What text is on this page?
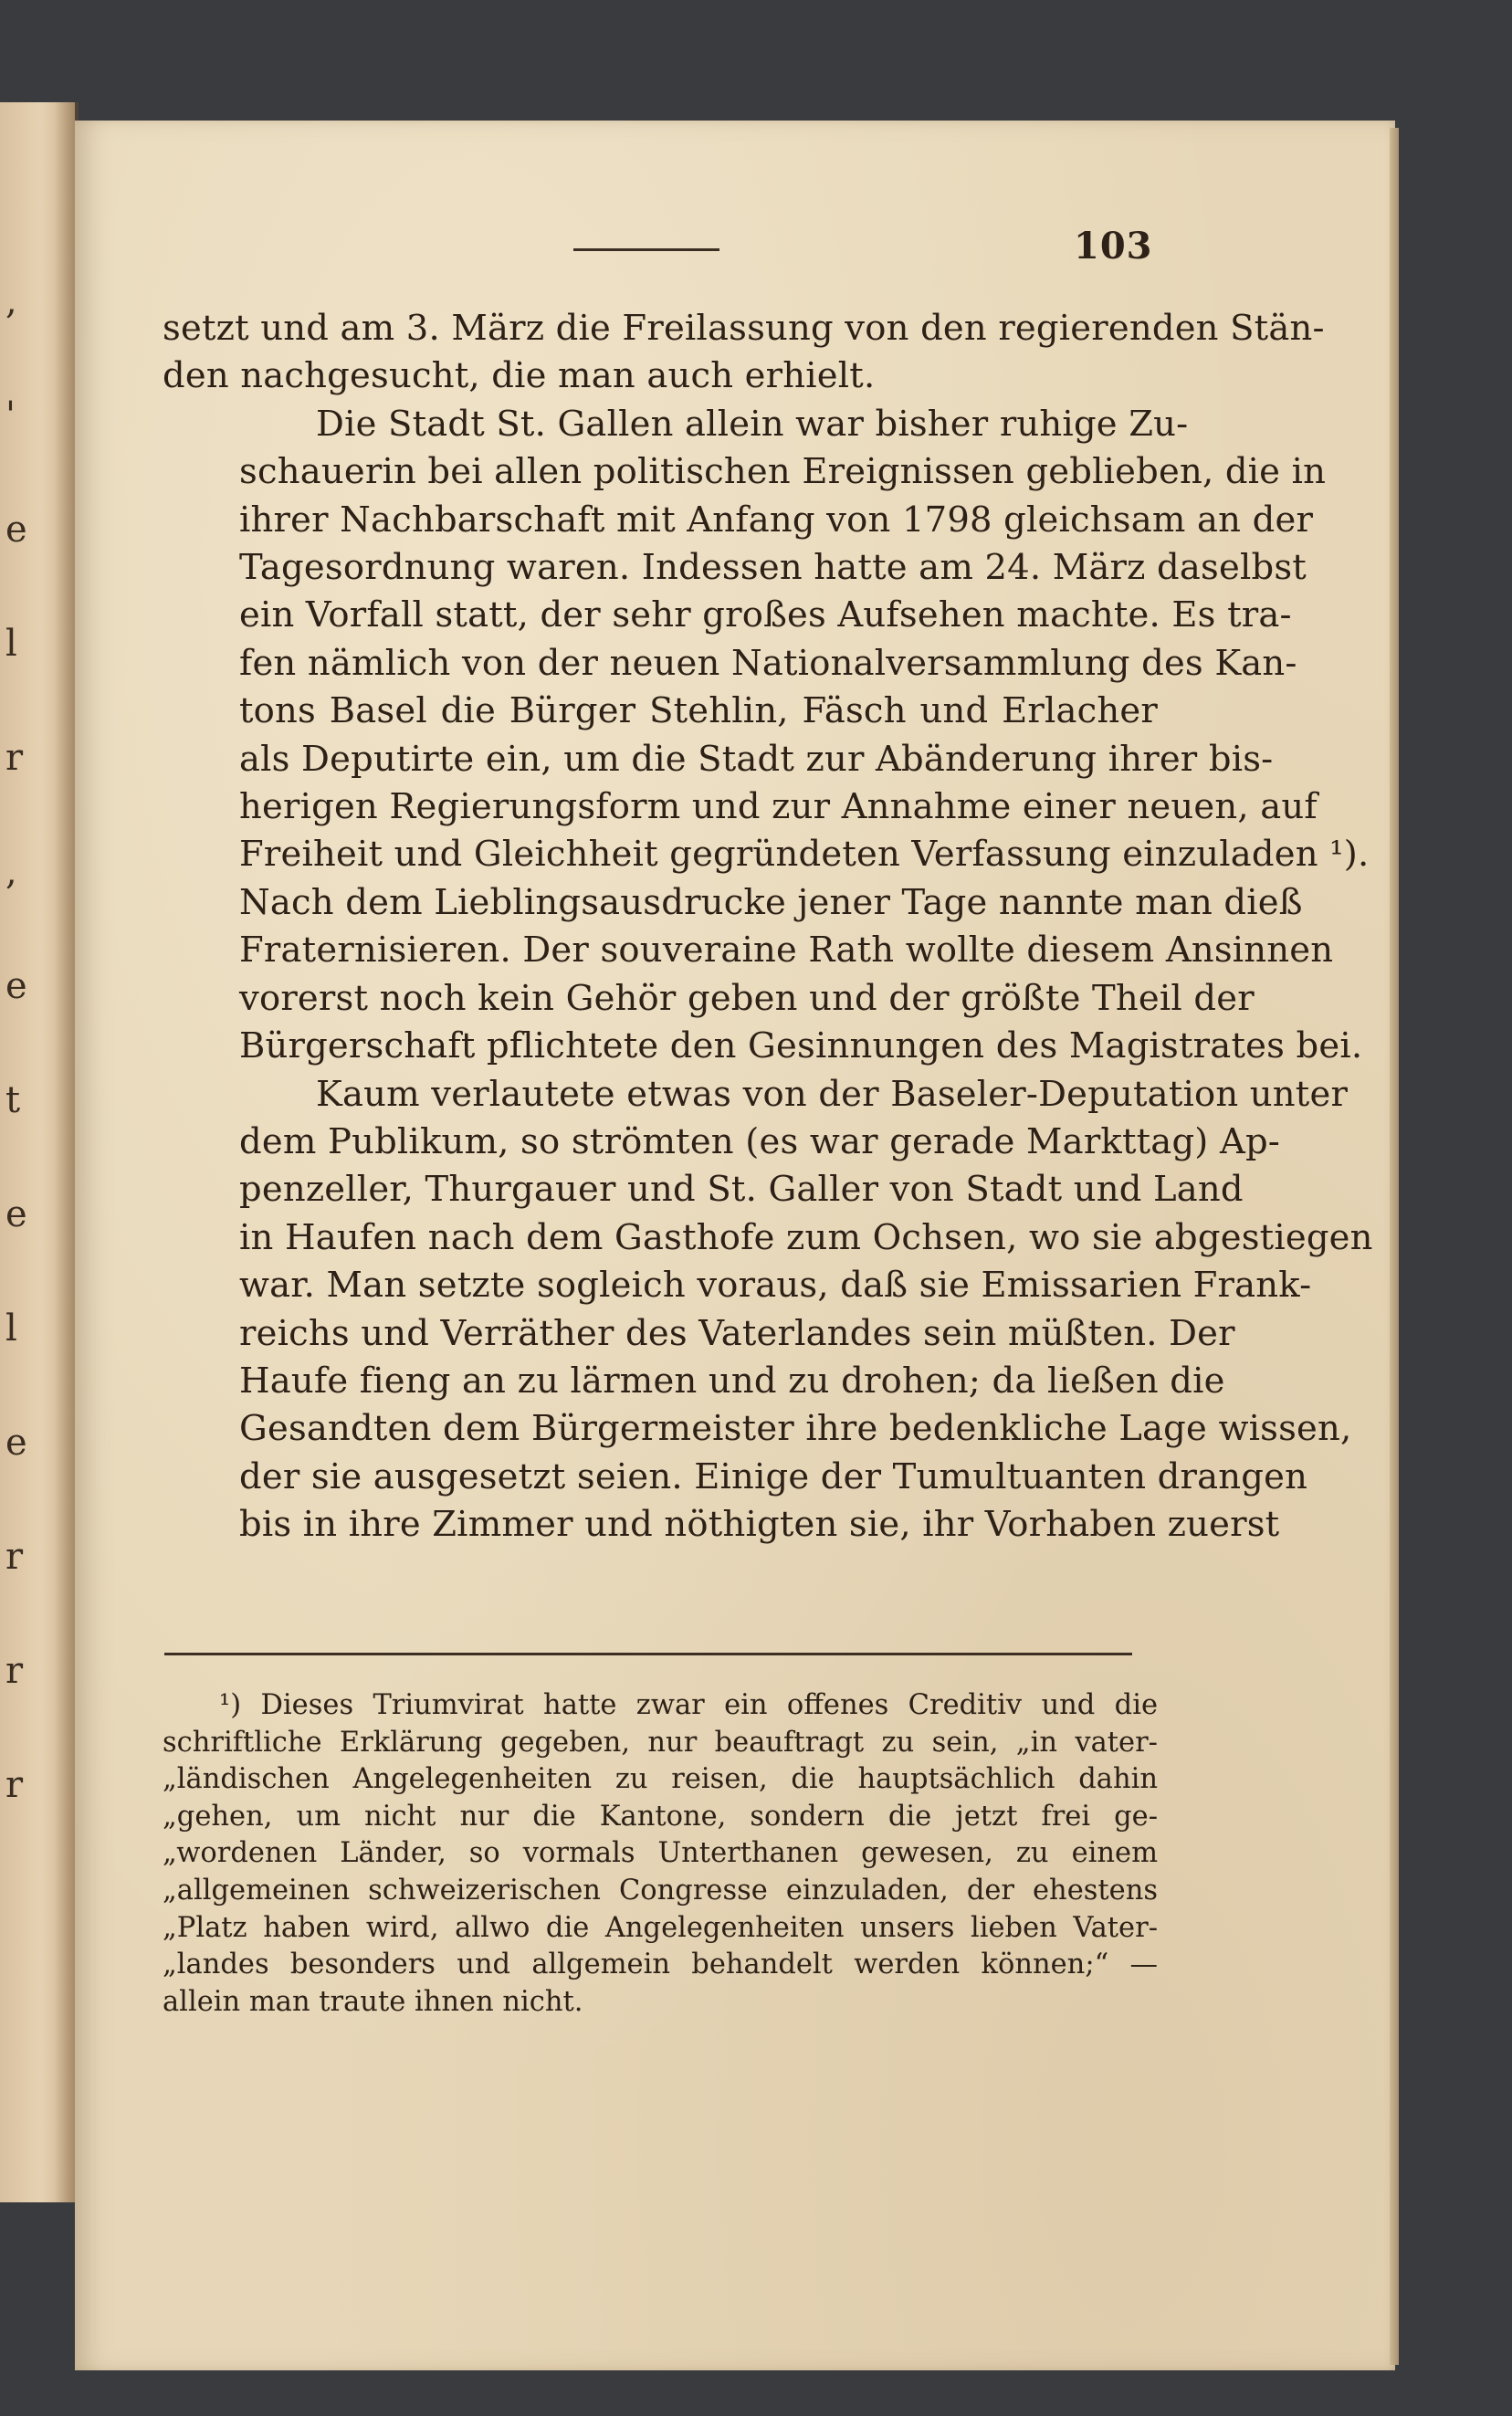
,
'
e
l
r
,
e
t
e
l
e
r
r
r
103

setzt und am 3. März die Freilassung von den regierenden Stän-
den nachgesucht, die man auch erhielt.

Die Stadt St. Gallen allein war bisher ruhige Zu-
schauerin bei allen politischen Ereignissen geblieben, die in
ihrer Nachbarschaft mit Anfang von 1798 gleichsam an der
Tagesordnung waren. Indessen hatte am 24. März daselbst
ein Vorfall statt, der sehr großes Aufsehen machte. Es tra-
fen nämlich von der neuen Nationalversammlung des Kan-
tons Basel die Bürger Stehlin, Fäsch und Erlacher
als Deputirte ein, um die Stadt zur Abänderung ihrer bis-
herigen Regierungsform und zur Annahme einer neuen, auf
Freiheit und Gleichheit gegründeten Verfassung einzuladen ¹).
Nach dem Lieblingsausdrucke jener Tage nannte man dieß
Fraternisieren. Der souveraine Rath wollte diesem Ansinnen
vorerst noch kein Gehör geben und der größte Theil der
Bürgerschaft pflichtete den Gesinnungen des Magistrates bei.

Kaum verlautete etwas von der Baseler-Deputation unter
dem Publikum, so strömten (es war gerade Markttag) Ap-
penzeller, Thurgauer und St. Galler von Stadt und Land
in Haufen nach dem Gasthofe zum Ochsen, wo sie abgestiegen
war. Man setzte sogleich voraus, daß sie Emissarien Frank-
reichs und Verräther des Vaterlandes sein müßten. Der
Haufe fieng an zu lärmen und zu drohen; da ließen die
Gesandten dem Bürgermeister ihre bedenkliche Lage wissen,
der sie ausgesetzt seien. Einige der Tumultuanten drangen
bis in ihre Zimmer und nöthigten sie, ihr Vorhaben zuerst

¹) Dieses Triumvirat hatte zwar ein offenes Creditiv und die
schriftliche Erklärung gegeben, nur beauftragt zu sein, „in vater-
„ländischen Angelegenheiten zu reisen, die hauptsächlich dahin
„gehen, um nicht nur die Kantone, sondern die jetzt frei ge-
„wordenen Länder, so vormals Unterthanen gewesen, zu einem
„allgemeinen schweizerischen Congresse einzuladen, der ehestens
„Platz haben wird, allwo die Angelegenheiten unsers lieben Vater-
„landes besonders und allgemein behandelt werden können;“ —
allein man traute ihnen nicht.
